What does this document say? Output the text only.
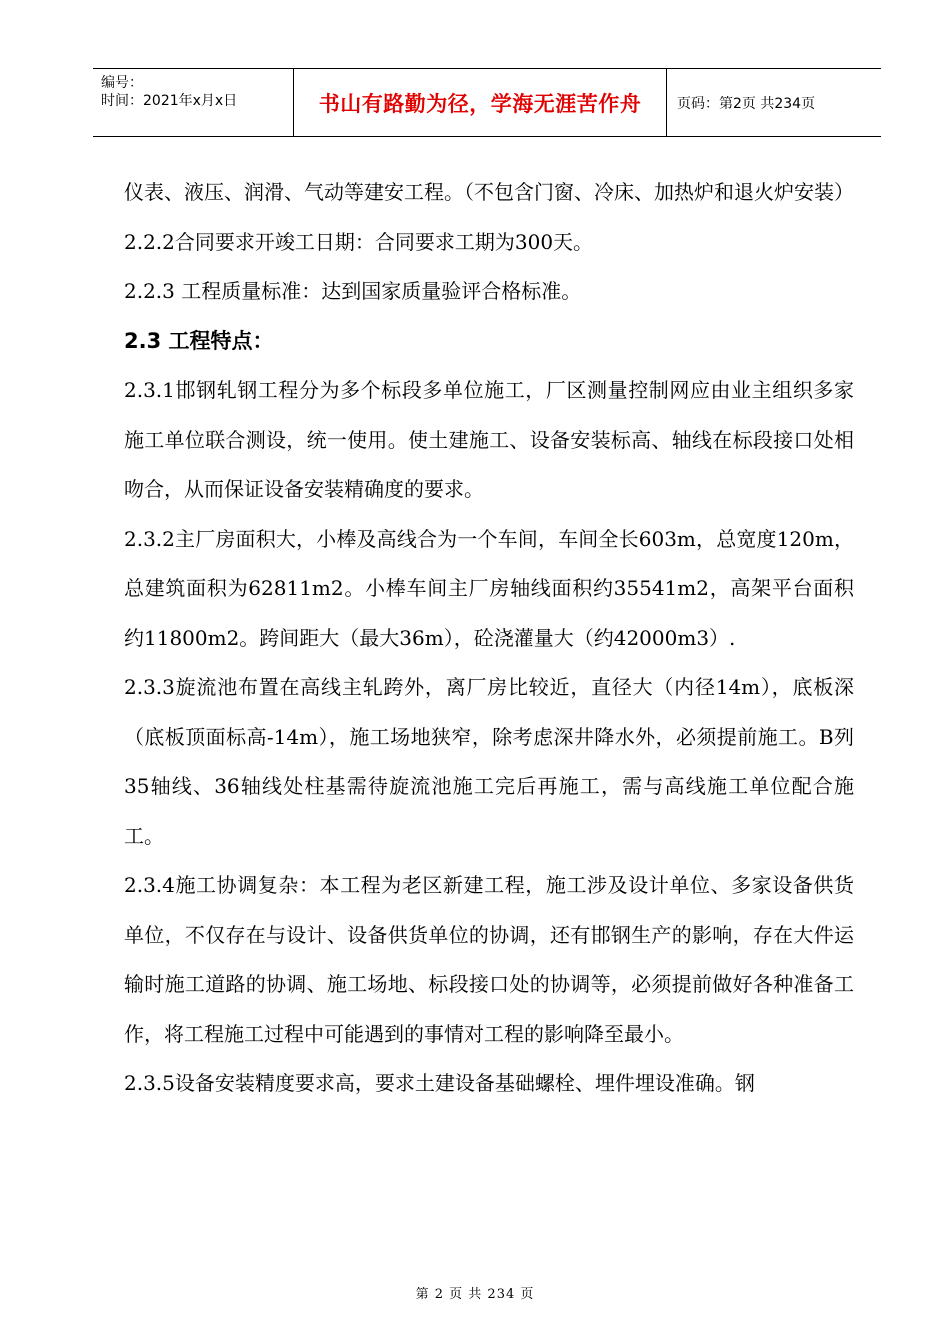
编号：
时间：2021年x月x日	书山有路勤为径，学海无涯苦作舟	页码：第2页 共234页

仪表、液压、润滑、气动等建安工程。（不包含门窗、冷床、加热炉和退火炉安装）

2.2.2合同要求开竣工日期：合同要求工期为300天。

2.2.3 工程质量标准：达到国家质量验评合格标准。

2.3 工程特点：

2.3.1邯钢轧钢工程分为多个标段多单位施工，厂区测量控制网应由业主组织多家施工单位联合测设，统一使用。使土建施工、设备安装标高、轴线在标段接口处相吻合，从而保证设备安装精确度的要求。

2.3.2主厂房面积大，小棒及高线合为一个车间，车间全长603m，总宽度120m，总建筑面积为62811m2。小棒车间主厂房轴线面积约35541m2，高架平台面积约11800m2。跨间距大（最大36m），砼浇灌量大（约42000m3）.

2.3.3旋流池布置在高线主轧跨外，离厂房比较近，直径大（内径14m），底板深（底板顶面标高-14m），施工场地狭窄，除考虑深井降水外，必须提前施工。B列35轴线、36轴线处柱基需待旋流池施工完后再施工，需与高线施工单位配合施工。

2.3.4施工协调复杂：本工程为老区新建工程，施工涉及设计单位、多家设备供货单位，不仅存在与设计、设备供货单位的协调，还有邯钢生产的影响，存在大件运输时施工道路的协调、施工场地、标段接口处的协调等，必须提前做好各种准备工作，将工程施工过程中可能遇到的事情对工程的影响降至最小。

2.3.5设备安装精度要求高，要求土建设备基础螺栓、埋件埋设准确。钢

第 2 页 共 234 页
